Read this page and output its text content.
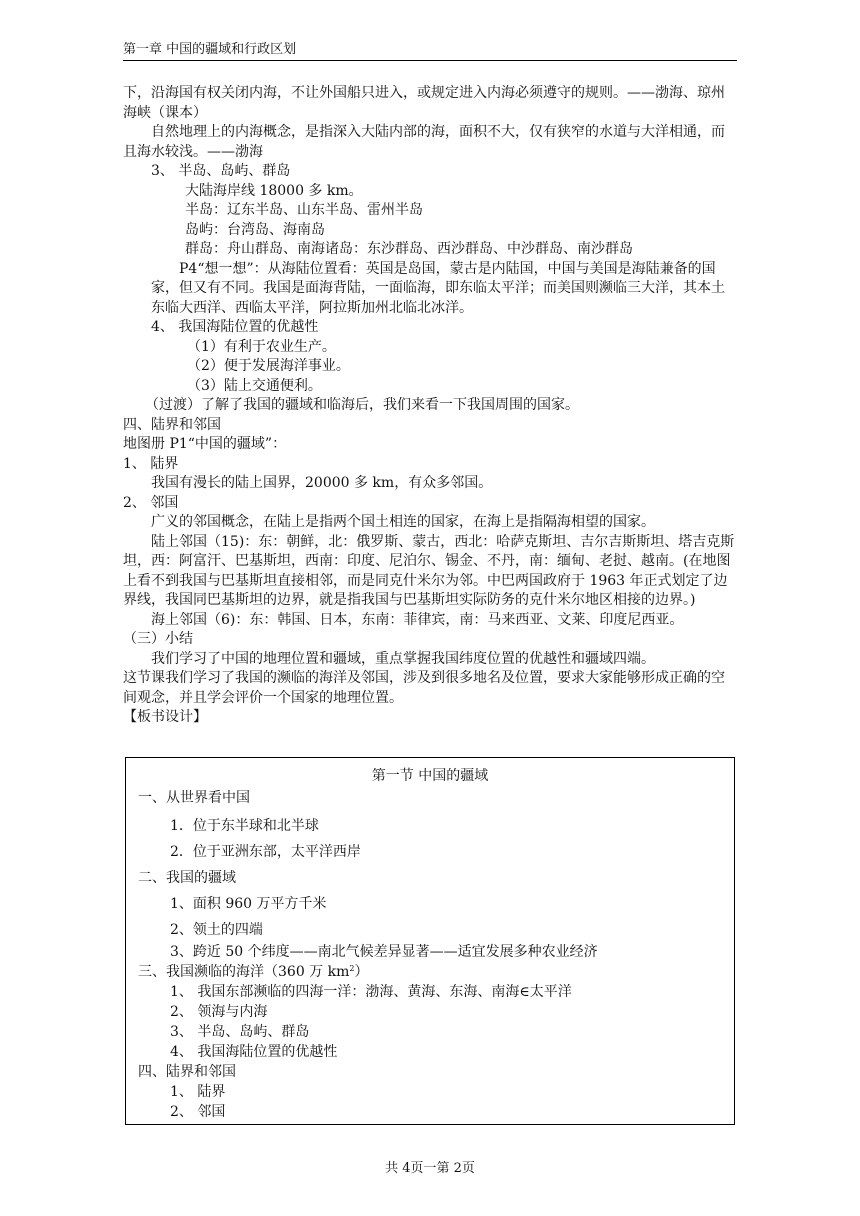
第一章 中国的疆域和行政区划

下，沿海国有权关闭内海，不让外国船只进入，或规定进入内海必须遵守的规则。——渤海、琼州海峡（课本）

自然地理上的内海概念，是指深入大陆内部的海，面积不大，仅有狭窄的水道与大洋相通，而且海水较浅。——渤海

3、 半岛、岛屿、群岛

大陆海岸线 18000 多 km。

半岛：辽东半岛、山东半岛、雷州半岛

岛屿：台湾岛、海南岛

群岛：舟山群岛、南海诸岛：东沙群岛、西沙群岛、中沙群岛、南沙群岛

P4“想一想”：从海陆位置看：英国是岛国，蒙古是内陆国，中国与美国是海陆兼备的国家，但又有不同。我国是面海背陆，一面临海，即东临太平洋；而美国则濒临三大洋，其本土东临大西洋、西临太平洋，阿拉斯加州北临北冰洋。

4、 我国海陆位置的优越性

（1）有利于农业生产。

（2）便于发展海洋事业。

（3）陆上交通便利。

（过渡）了解了我国的疆域和临海后，我们来看一下我国周围的国家。

四、陆界和邻国

地图册 P1“中国的疆域”：

1、 陆界

我国有漫长的陆上国界，20000 多 km，有众多邻国。

2、 邻国

广义的邻国概念，在陆上是指两个国土相连的国家，在海上是指隔海相望的国家。

陆上邻国（15)：东：朝鲜，北：俄罗斯、蒙古，西北：哈萨克斯坦、吉尔吉斯斯坦、塔吉克斯坦，西：阿富汗、巴基斯坦，西南：印度、尼泊尔、锡金、不丹，南：缅甸、老挝、越南。(在地图上看不到我国与巴基斯坦直接相邻，而是同克什米尔为邻。中巴两国政府于 1963 年正式划定了边界线，我国同巴基斯坦的边界，就是指我国与巴基斯坦实际防务的克什米尔地区相接的边界。)

海上邻国（6)：东：韩国、日本，东南：菲律宾，南：马来西亚、文莱、印度尼西亚。

（三）小结

我们学习了中国的地理位置和疆域，重点掌握我国纬度位置的优越性和疆域四端。

这节课我们学习了我国的濒临的海洋及邻国，涉及到很多地名及位置，要求大家能够形成正确的空间观念，并且学会评价一个国家的地理位置。

【板书设计】

第一节 中国的疆域
一、从世界看中国
1．位于东半球和北半球
2．位于亚洲东部，太平洋西岸
二、我国的疆域
1、面积 960 万平方千米
2、领土的四端
3、跨近 50 个纬度——南北气候差异显著——适宜发展多种农业经济
三、我国濒临的海洋（360 万 $km^2$）
1、 我国东部濒临的四海一洋：渤海、黄海、东海、南海∈太平洋
2、 领海与内海
3、 半岛、岛屿、群岛
4、 我国海陆位置的优越性
四、陆界和邻国
1、 陆界
2、 邻国
共 4页一第 2页
